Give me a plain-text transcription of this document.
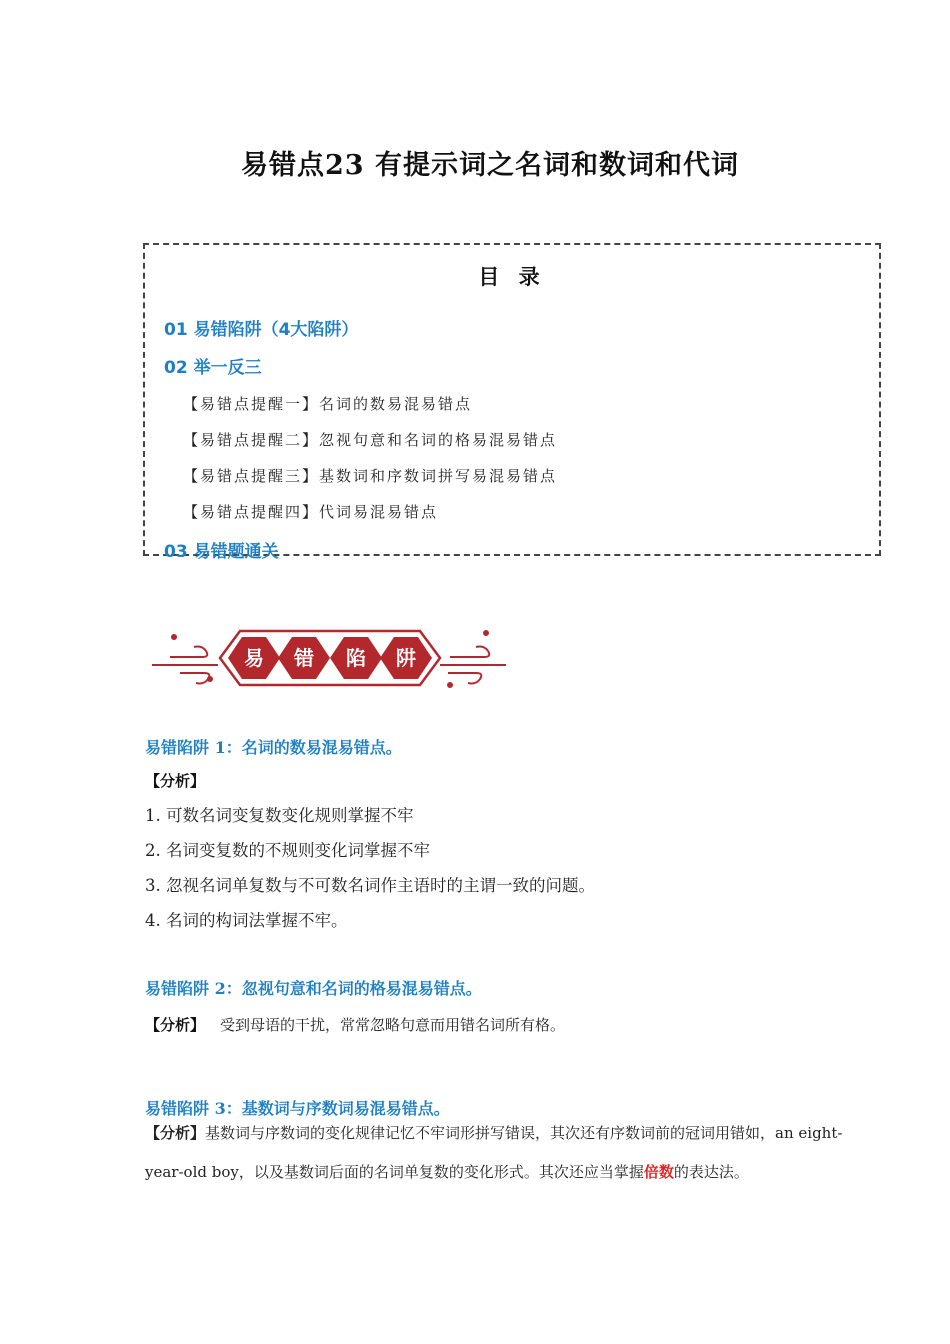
易错点23 有提示词之名词和数词和代词
目 录
01 易错陷阱（4大陷阱）
02 举一反三
【易错点提醒一】名词的数易混易错点
【易错点提醒二】忽视句意和名词的格易混易错点
【易错点提醒三】基数词和序数词拼写易混易错点
【易错点提醒四】代词易混易错点
03 易错题通关
易 错 陷 阱
易错陷阱 1：名词的数易混易错点。
【分析】
1. 可数名词变复数变化规则掌握不牢
2. 名词变复数的不规则变化词掌握不牢
3. 忽视名词单复数与不可数名词作主语时的主谓一致的问题。
4. 名词的构词法掌握不牢。
易错陷阱 2：忽视句意和名词的格易混易错点。
【分析】 受到母语的干扰，常常忽略句意而用错名词所有格。
易错陷阱 3：基数词与序数词易混易错点。
【分析】基数词与序数词的变化规律记忆不牢词形拼写错误，其次还有序数词前的冠词用错如，an eight-year-old boy，以及基数词后面的名词单复数的变化形式。其次还应当掌握倍数的表达法。
